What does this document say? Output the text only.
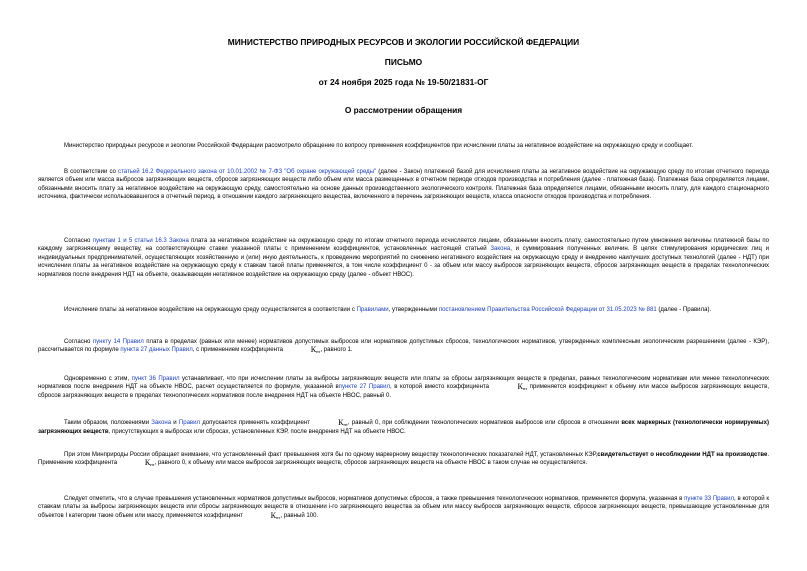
МИНИСТЕРСТВО ПРИРОДНЫХ РЕСУРСОВ И ЭКОЛОГИИ РОССИЙСКОЙ ФЕДЕРАЦИИ
ПИСЬМО
от 24 ноября 2025 года № 19-50/21831-ОГ
О рассмотрении обращения

Министерство природных ресурсов и экологии Российской Федерации рассмотрело обращение по вопросу применения коэффициентов при исчислении платы за негативное воздействие на окружающую среду и сообщает.

В соответствии со статьей 16.2 Федерального закона от 10.01.2002 № 7-ФЗ "Об охране окружающей среды" (далее - Закон) платежной базой для исчисления платы за негативное воздействие на окружающую среду по итогам отчетного периода является объем или масса выбросов загрязняющих веществ, сбросов загрязняющих веществ либо объем или масса размещенных в отчетном периоде отходов производства и потребления (далее - платежная база). Платежная база определяется лицами, обязанными вносить плату за негативное воздействие на окружающую среду, самостоятельно на основе данных производственного экологического контроля. Платежная база определяется лицами, обязанными вносить плату, для каждого стационарного источника, фактически использовавшегося в отчетный период, в отношении каждого загрязняющего вещества, включенного в перечень загрязняющих веществ, класса опасности отходов производства и потребления.

Согласно пунктам 1 и 5 статьи 16.3 Закона плата за негативное воздействие на окружающую среду по итогам отчетного периода исчисляется лицами, обязанными вносить плату, самостоятельно путем умножения величины платежной базы по каждому загрязняющему веществу, на соответствующие ставки указанной платы с применением коэффициентов, установленных настоящей статьей Закона, и суммирования полученных величин. В целях стимулирования юридических лиц и индивидуальных предпринимателей, осуществляющих хозяйственную и (или) иную деятельность, к проведению мероприятий по снижению негативного воздействия на окружающую среду и внедрению наилучших доступных технологий (далее - НДТ) при исчислении платы за негативное воздействие на окружающую среду к ставкам такой платы применяется, в том числе коэффициент 0 - за объем или массу выбросов загрязняющих веществ, сбросов загрязняющих веществ в пределах технологических нормативов после внедрения НДТ на объекте, оказывающем негативное воздействие на окружающую среду (далее - объект НВОС).

Исчисление платы за негативное воздействие на окружающую среду осуществляется в соответствии с Правилами, утвержденными постановлением Правительства Российской Федерации от 31.05.2023 № 881 (далее - Правила).

Согласно пункту 14 Правил плата в пределах (равных или менее) нормативов допустимых выбросов или нормативов допустимых сбросов, технологических нормативов, утвержденных комплексным экологическим разрешением (далее - КЭР), рассчитывается по формуле пункта 27 данных Правил, с применением коэффициента	$К_{нт}$, равного 1.

Одновременно с этим, пункт 36 Правил устанавливает, что при исчислении платы за выбросы загрязняющих веществ или платы за сбросы загрязняющих веществ в пределах, равных технологическим нормативам или менее технологических нормативов после внедрения НДТ на объекте НВОС, расчет осуществляется по формуле, указанной впункте 27 Правил, в которой вместо коэффициента	$К_{нт}$ применяется коэффициент к объему или массе выбросов загрязняющих веществ, сбросов загрязняющих веществ в пределах технологических нормативов после внедрения НДТ на объекте НВОС, равный 0.

Таким образом, положениями Закона и Правил допускается применять коэффициент	$К_{нт}$, равный 0, при соблюдении технологических нормативов выбросов или сбросов в отношении всех маркерных (технологически нормируемых) загрязняющих веществ, присутствующих в выбросах или сбросах, установленных КЭР, после внедрения НДТ на объекте НВОС.

При этом Минприроды России обращает внимание, что установленный факт превышения хотя бы по одному маркерному веществу технологических показателей НДТ, установленных КЭР,свидетельствует о несоблюдении НДТ на производстве. Применение коэффициента	$К_{нт}$, равного 0, к объему или массе выбросов загрязняющих веществ, сбросов загрязняющих веществ на объекте НВОС в таком случае не осуществляется.

Следует отметить, что в случае превышения установленных нормативов допустимых выбросов, нормативов допустимых сбросов, а также превышения технологических нормативов, применяется формула, указанная в пункте 33 Правил, в которой к ставкам платы за выбросы загрязняющих веществ или сбросы загрязняющих веществ в отношении i-го загрязняющего вещества за объем или массу выбросов загрязняющих веществ, сбросов загрязняющих веществ, превышающие установленные для объектов I категории такие объем или массу, применяется коэффициент	$К_{нт}$, равный 100.
